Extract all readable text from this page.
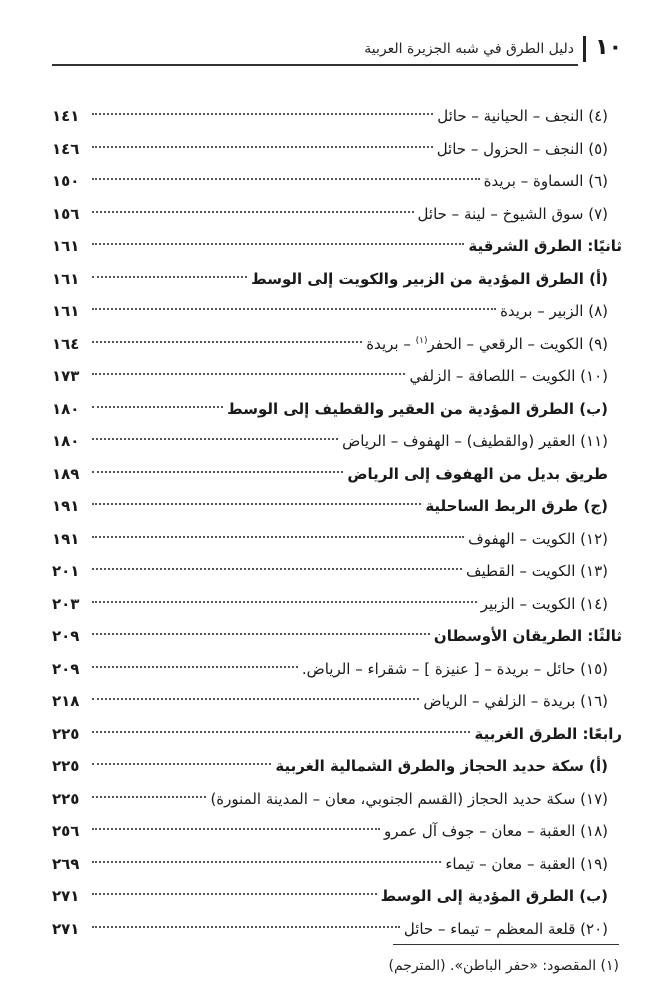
١٠
دليل الطرق في شبه الجزيرة العربية
(٤) النجف – الحيانية – حائل
١٤١
(٥) النجف – الحزول – حائل
١٤٦
(٦) السماوة – بريدة
١٥٠
(٧) سوق الشيوخ – لينة – حائل
١٥٦
ثانيًا: الطرق الشرقية
١٦١
(أ) الطرق المؤدية من الزبير والكويت إلى الوسط
١٦١
(٨) الزبير – بريدة
١٦١
(٩) الكويت – الرقعي – الحفر$^{(١)}$ – بريدة
١٦٤
(١٠) الكويت – اللصافة – الزلفي
١٧٣
(ب) الطرق المؤدية من العقير والقطيف إلى الوسط
١٨٠
(١١) العقير (والقطيف) – الهفوف – الرياض
١٨٠
طريق بديل من الهفوف إلى الرياض
١٨٩
(ج) طرق الربط الساحلية
١٩١
(١٢) الكويت – الهفوف
١٩١
(١٣) الكويت – القطيف
٢٠١
(١٤) الكويت – الزبير
٢٠٣
ثالثًا: الطريقان الأوسطان
٢٠٩
(١٥) حائل – بريدة – [ عنيزة ] – شقراء – الرياض.
٢٠٩
(١٦) بريدة – الزلفي – الرياض
٢١٨
رابعًا: الطرق الغربية
٢٢٥
(أ) سكة حديد الحجاز والطرق الشمالية الغربية
٢٢٥
(١٧) سكة حديد الحجاز (القسم الجنوبي، معان – المدينة المنورة)
٢٢٥
(١٨) العقبة – معان – جوف آل عمرو
٢٥٦
(١٩) العقبة – معان – تيماء
٢٦٩
(ب) الطرق المؤدية إلى الوسط
٢٧١
(٢٠) قلعة المعظم – تيماء – حائل
٢٧١
(١) المقصود: «حفر الباطن». (المترجم)
